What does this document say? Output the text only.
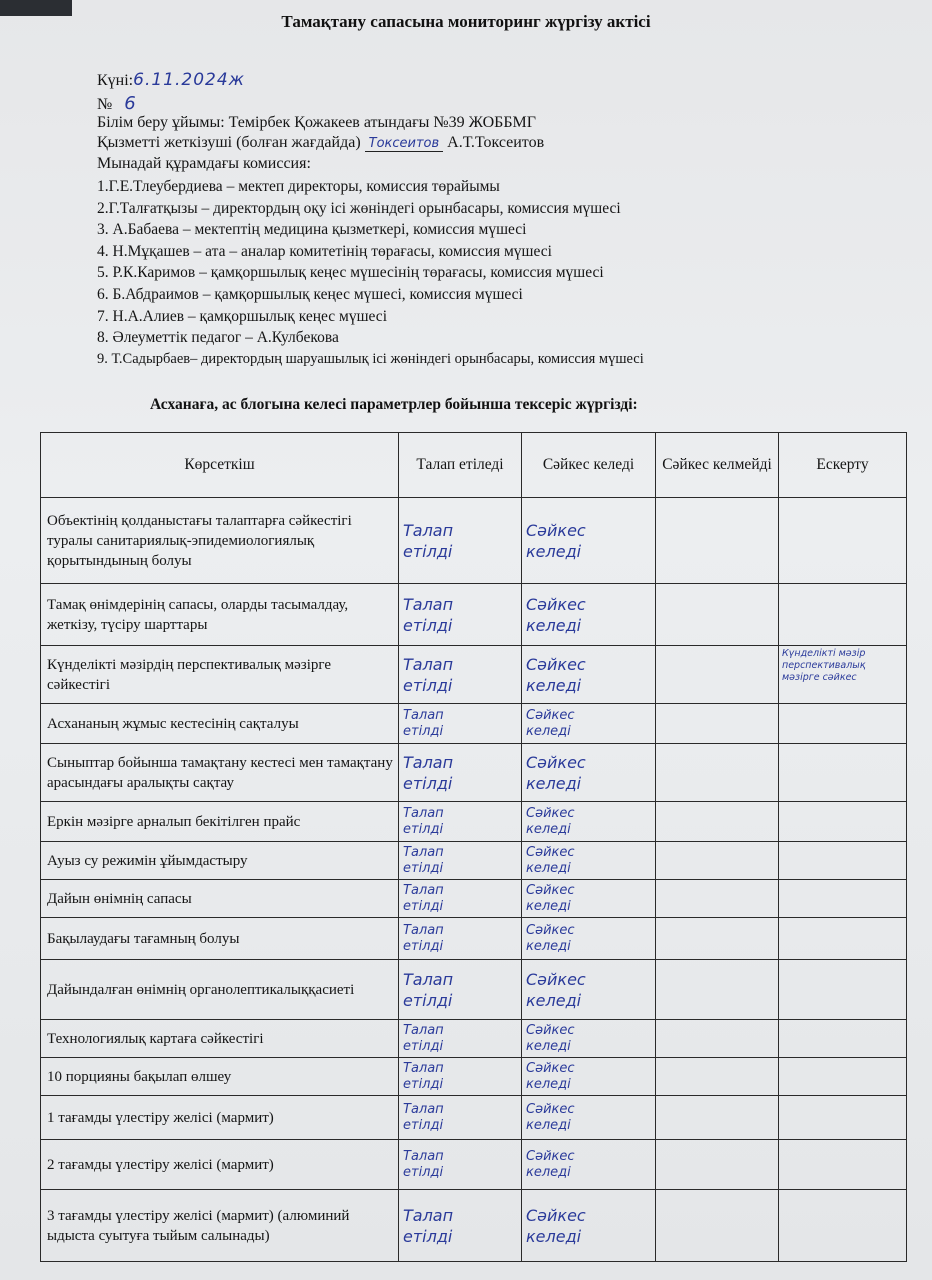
Тамақтану сапасына мониторинг жүргізу актісі
Күні:6.11.2024ж
№ 6
Білім беру ұйымы: Темірбек Қожакеев атындағы №39 ЖОББМГ
Қызметті жеткізуші (болған жағдайда) Токсеитов А.Т.Токсеитов
Мынадай құрамдағы комиссия:
1.Г.Е.Тлеубердиева – мектеп директоры, комиссия төрайымы
2.Г.Талғатқызы – директордың оқу ісі жөніндегі орынбасары, комиссия мүшесі
3. А.Бабаева – мектептің медицина қызметкері, комиссия мүшесі
4. Н.Мұқашев – ата – аналар комитетінің төрағасы, комиссия мүшесі
5. Р.К.Каримов – қамқоршылық кеңес мүшесінің төрағасы, комиссия мүшесі
6. Б.Абдраимов – қамқоршылық кеңес мүшесі, комиссия мүшесі
7. Н.А.Алиев – қамқоршылық кеңес мүшесі
8. Әлеуметтік педагог – А.Кулбекова
9. Т.Садырбаев– директордың шаруашылық ісі жөніндегі орынбасары, комиссия мүшесі
Асханаға, ас блогына келесі параметрлер бойынша тексеріс жүргізді:
Көрсеткіш	Талап етіледі	Сәйкес келеді	Сәйкес келмейді	Ескерту
Объектінің қолданыстағы талаптарға сәйкестігі туралы санитариялық-эпидемиологиялық қорытындының болуы	Талап
етілді	Сәйкес
келеді		
Тамақ өнімдерінің сапасы, оларды тасымалдау, жеткізу, түсіру шарттары	Талап
етілді	Сәйкес
келеді		
Күнделікті мәзірдің перспективалық мәзірге сәйкестігі	Талап
етілді	Сәйкес
келеді		Күнделікті мәзір перспективалық мәзірге сәйкес
Асхананың жұмыс кестесінің сақталуы	Талап
етілді	Сәйкес
келеді		
Сыныптар бойынша тамақтану кестесі мен тамақтану арасындағы аралықты сақтау	Талап
етілді	Сәйкес
келеді		
Еркін мәзірге арналып бекітілген прайс	Талап
етілді	Сәйкес
келеді		
Ауыз су режимін ұйымдастыру	Талап
етілді	Сәйкес
келеді		
Дайын өнімнің сапасы	Талап
етілді	Сәйкес
келеді		
Бақылаудағы тағамның болуы	Талап
етілді	Сәйкес
келеді		
Дайындалған өнімнің органолептикалыққасиеті	Талап
етілді	Сәйкес
келеді		
Технологиялық картаға сәйкестігі	Талап
етілді	Сәйкес
келеді		
10 порцияны бақылап өлшеу	Талап
етілді	Сәйкес
келеді		
1 тағамды үлестіру желісі (мармит)	Талап
етілді	Сәйкес
келеді		
2 тағамды үлестіру желісі (мармит)	Талап
етілді	Сәйкес
келеді		
3 тағамды үлестіру желісі (мармит) (алюминий ыдыста суытуға тыйым салынады)	Талап
етілді	Сәйкес
келеді		
